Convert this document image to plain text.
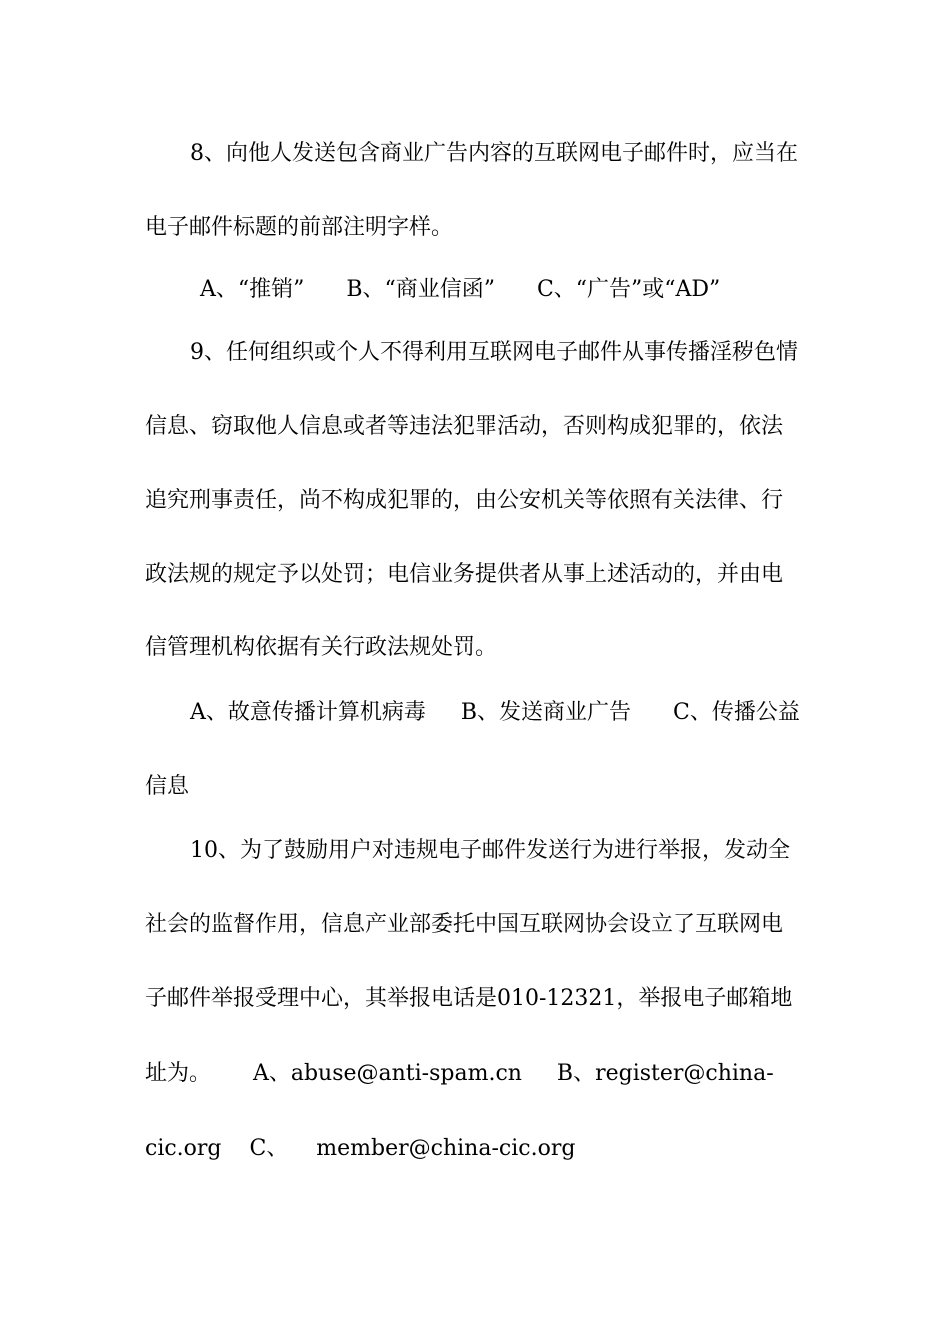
8、向他人发送包含商业广告内容的互联网电子邮件时，应当在
电子邮件标题的前部注明字样。
A、“推销”      B、“商业信函”      C、“广告”或“AD”
9、任何组织或个人不得利用互联网电子邮件从事传播淫秽色情
信息、窃取他人信息或者等违法犯罪活动，否则构成犯罪的，依法
追究刑事责任，尚不构成犯罪的，由公安机关等依照有关法律、行
政法规的规定予以处罚；电信业务提供者从事上述活动的，并由电
信管理机构依据有关行政法规处罚。
A、故意传播计算机病毒     B、发送商业广告      C、传播公益
信息
10、为了鼓励用户对违规电子邮件发送行为进行举报，发动全
社会的监督作用，信息产业部委托中国互联网协会设立了互联网电
子邮件举报受理中心，其举报电话是010-12321，举报电子邮箱地
址为。      A、abuse@anti-spam.cn     B、register@china-
cic.org    C、    member@china-cic.org
